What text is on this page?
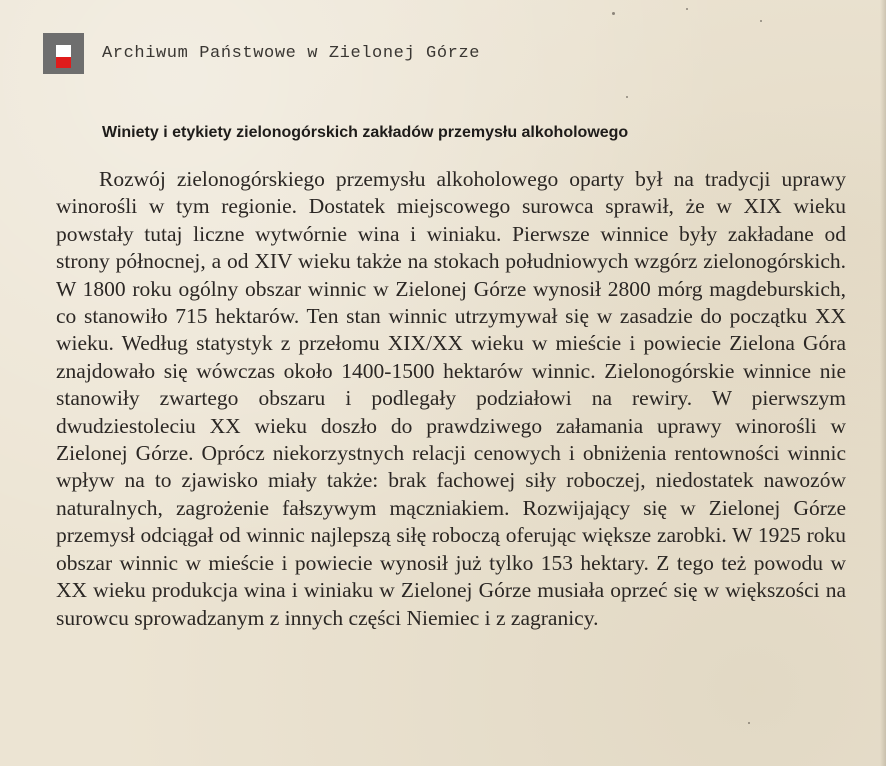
Archiwum Państwowe w Zielonej Górze
Winiety i etykiety zielonogórskich zakładów przemysłu alkoholowego

Rozwój zielonogórskiego przemysłu alkoholowego oparty był na tradycji uprawy winorośli w tym regionie. Dostatek miejscowego surowca sprawił, że w XIX wieku powstały tutaj liczne wytwórnie wina i winiaku. Pierwsze winnice były zakładane od strony północnej, a od XIV wieku także na stokach południowych wzgórz zielonogórskich. W 1800 roku ogólny obszar winnic w Zielonej Górze wynosił 2800 mórg magdeburskich, co stanowiło 715 hektarów. Ten stan winnic utrzymywał się w zasadzie do początku XX wieku. Według statystyk z przełomu XIX/XX wieku w mieście i powiecie Zielona Góra znajdowało się wówczas około 1400-1500 hektarów winnic. Zielonogórskie winnice nie stanowiły zwartego obszaru i podlegały podziałowi na rewiry. W pierwszym dwudziestoleciu XX wieku doszło do prawdziwego załamania uprawy winorośli w Zielonej Górze. Oprócz niekorzystnych relacji cenowych i obniżenia rentowności winnic wpływ na to zjawisko miały także: brak fachowej siły roboczej, niedostatek nawozów naturalnych, zagrożenie fałszywym mączniakiem. Rozwijający się w Zielonej Górze przemysł odciągał od winnic najlepszą siłę roboczą oferując większe zarobki. W 1925 roku obszar winnic w mieście i powiecie wynosił już tylko 153 hektary. Z tego też powodu w XX wieku produkcja wina i winiaku w Zielonej Górze musiała oprzeć się w większości na surowcu sprowadzanym z innych części Niemiec i z zagranicy.
